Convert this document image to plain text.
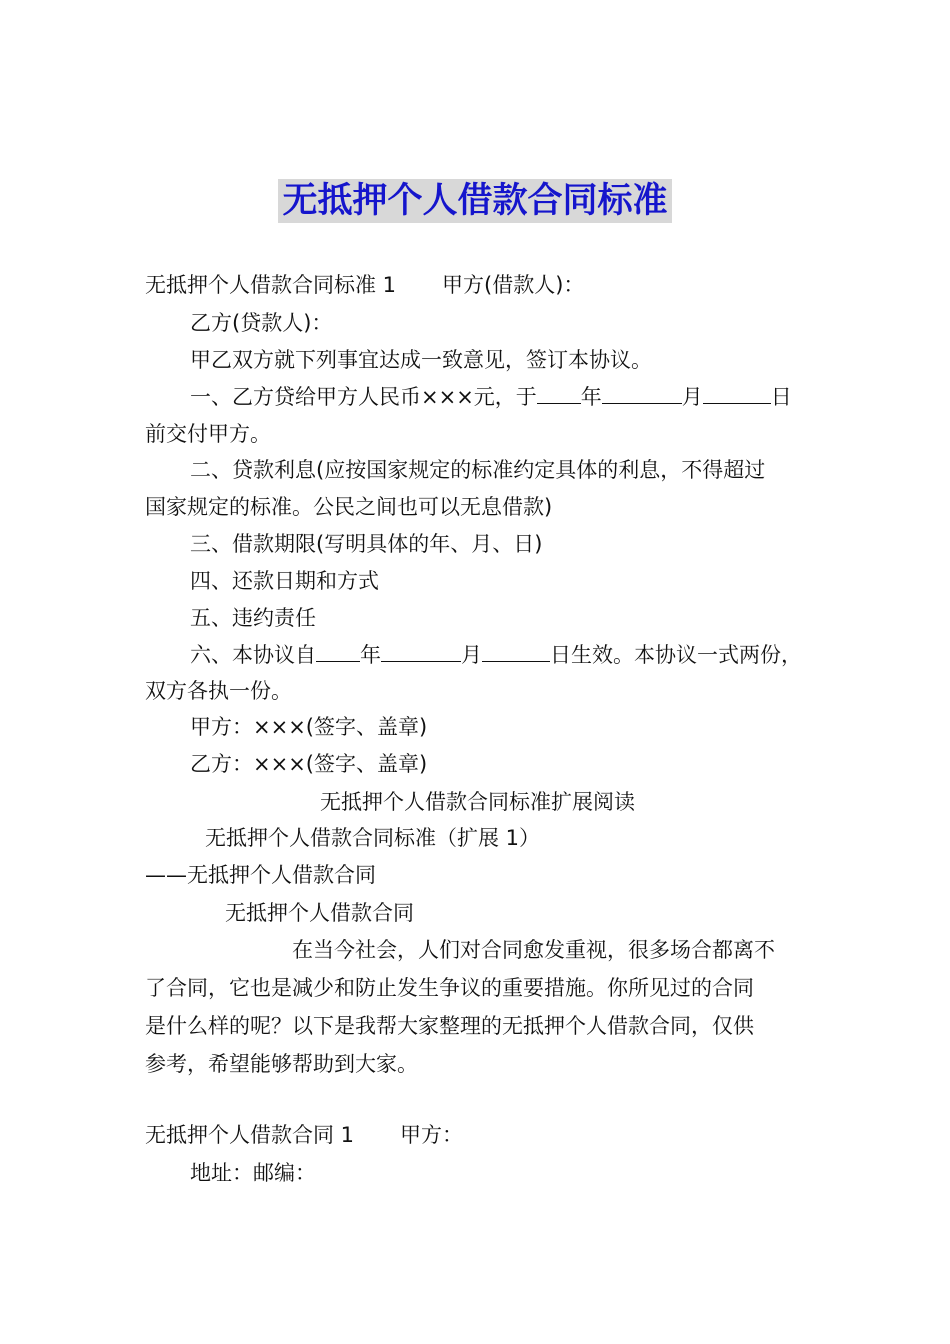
无抵押个人借款合同标准
无抵押个人借款合同标准 1 甲方(借款人)：
乙方(贷款人)：
甲乙双方就下列事宜达成一致意见，签订本协议。
一、乙方贷给甲方人民币×××元，于 年	月	日
前交付甲方。
二、贷款利息(应按国家规定的标准约定具体的利息，不得超过
国家规定的标准。公民之间也可以无息借款)
三、借款期限(写明具体的年、月、日)
四、还款日期和方式
五、违约责任
六、本协议自 年	月	日生效。本协议一式两份，
双方各执一份。
甲方：×××(签字、盖章)
乙方：×××(签字、盖章)
无抵押个人借款合同标准扩展阅读
无抵押个人借款合同标准（扩展 1）
——无抵押个人借款合同
无抵押个人借款合同
在当今社会，人们对合同愈发重视，很多场合都离不
了合同，它也是减少和防止发生争议的重要措施。你所见过的合同
是什么样的呢？以下是我帮大家整理的无抵押个人借款合同，仅供
参考，希望能够帮助到大家。
无抵押个人借款合同 1 甲方：
地址：邮编：
